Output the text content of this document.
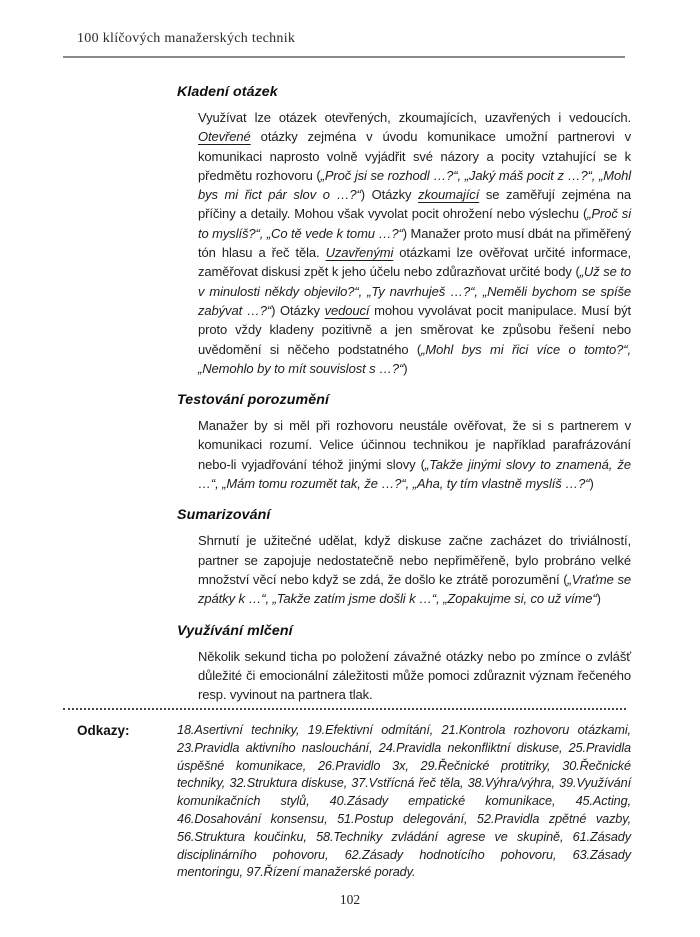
100 klíčových manažerských technik
Kladení otázek
Využívat lze otázek otevřených, zkoumajících, uzavřených i vedoucích. Otevřené otázky zejména v úvodu komunikace umožní partnerovi v komunikaci naprosto volně vyjádřit své názory a pocity vztahující se k předmětu rozhovoru („Proč jsi se rozhodl …?“, „Jaký máš pocit z …?“, „Mohl bys mi řict pár slov o …?“) Otázky zkoumající se zaměřují zejména na příčiny a detaily. Mohou však vyvolat pocit ohrožení nebo výslechu („Proč si to myslíš?“, „Co tě vede k tomu …?“) Manažer proto musí dbát na přiměřený tón hlasu a řeč těla. Uzavřenými otázkami lze ověřovat určité informace, zaměřovat diskusi zpět k jeho účelu nebo zdůrazňovat určité body („Už se to v minulosti někdy objevilo?“, „Ty navrhuješ …?“, „Neměli bychom se spíše zabývat …?“) Otázky vedoucí mohou vyvolávat pocit manipulace. Musí být proto vždy kladeny pozitivně a jen směrovat ke způsobu řešení nebo uvědomění si něčeho podstatného („Mohl bys mi řici více o tomto?“, „Nemohlo by to mít souvislost s …?“)
Testování porozumění
Manažer by si měl při rozhovoru neustále ověřovat, že si s partnerem v komunikaci rozumí. Velice účinnou technikou je například parafrázování nebo-li vyjadřování téhož jinými slovy („Takže jinými slovy to znamená, že …“, „Mám tomu rozumět tak, že …?“, „Aha, ty tím vlastně myslíš …?“)
Sumarizování
Shrnutí je užitečné udělat, když diskuse začne zacházet do triviálností, partner se zapojuje nedostatečně nebo nepřiměřeně, bylo probráno velké množství věcí nebo když se zdá, že došlo ke ztrátě porozumění („Vraťme se zpátky k …“, „Takže zatím jsme došli k …“, „Zopakujme si, co už víme“)
Využívání mlčení
Několik sekund ticha po položení závažné otázky nebo po zmínce o zvlášť důležité či emocionální záležitosti může pomoci zdůraznit význam řečeného resp. vyvinout na partnera tlak.
Odkazy:	18.Asertivní techniky, 19.Efektivní odmítání, 21.Kontrola rozhovoru otázkami, 23.Pravidla aktivního naslouchání, 24.Pravidla nekonfliktní diskuse, 25.Pravidla úspěšné komunikace, 26.Pravidlo 3x, 29.Řečnické protitriky, 30.Řečnické techniky, 32.Struktura diskuse, 37.Vstřícná řeč těla, 38.Výhra/výhra, 39.Využívání komunikačních stylů, 40.Zásady empatické komunikace, 45.Acting, 46.Dosahování konsensu, 51.Postup delegování, 52.Pravidla zpětné vazby, 56.Struktura koučinku, 58.Techniky zvládání agrese ve skupině, 61.Zásady disciplinárního pohovoru, 62.Zásady hodnotícího pohovoru, 63.Zásady mentoringu, 97.Řízení manažerské porady.
102
